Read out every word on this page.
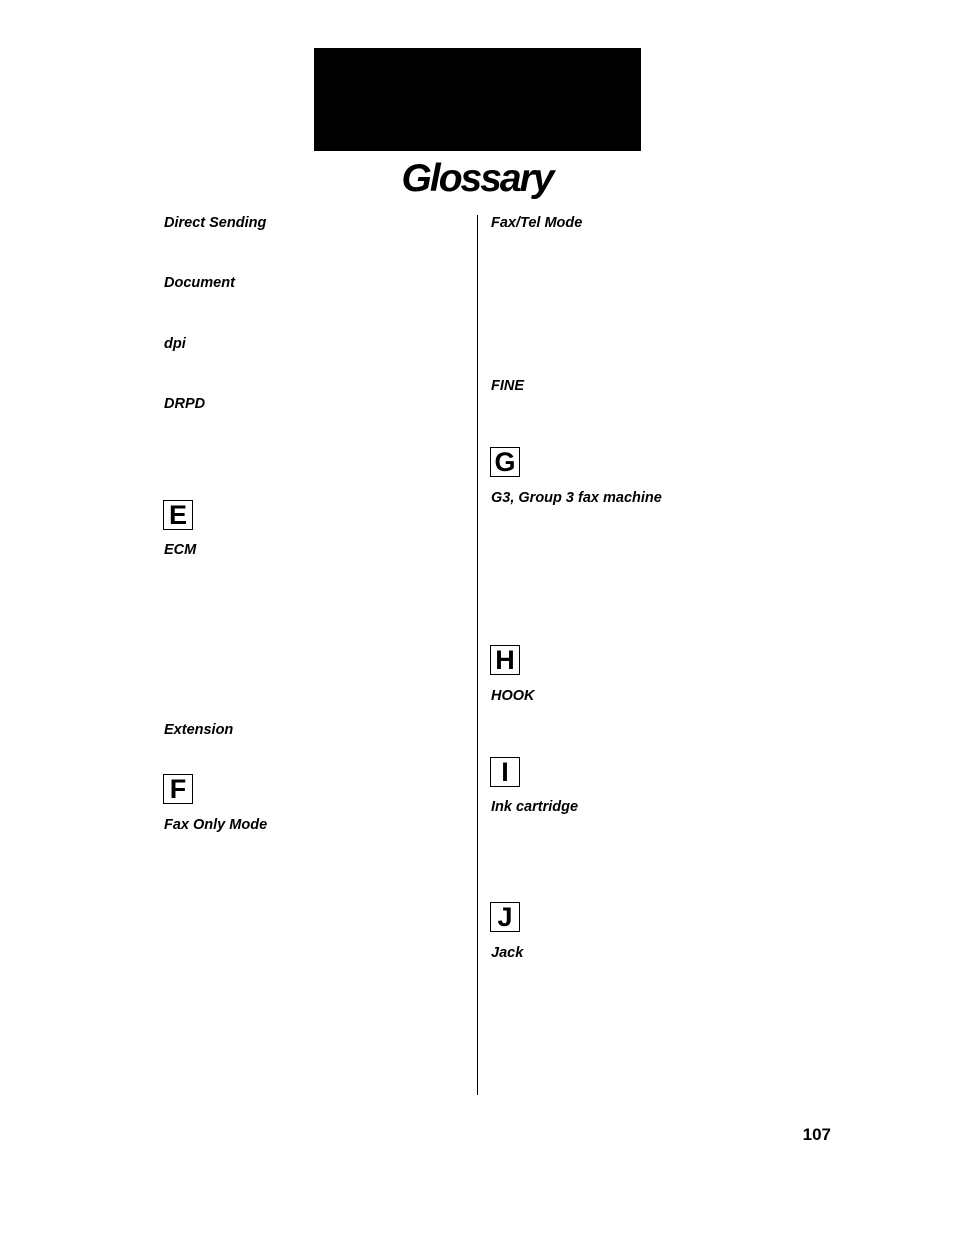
Glossary
Direct Sending
Document
dpi
DRPD
E
ECM
Extension
F
Fax Only Mode
Fax/Tel Mode
FINE
G
G3, Group 3 fax machine
H
HOOK
I
Ink cartridge
J
Jack
107
